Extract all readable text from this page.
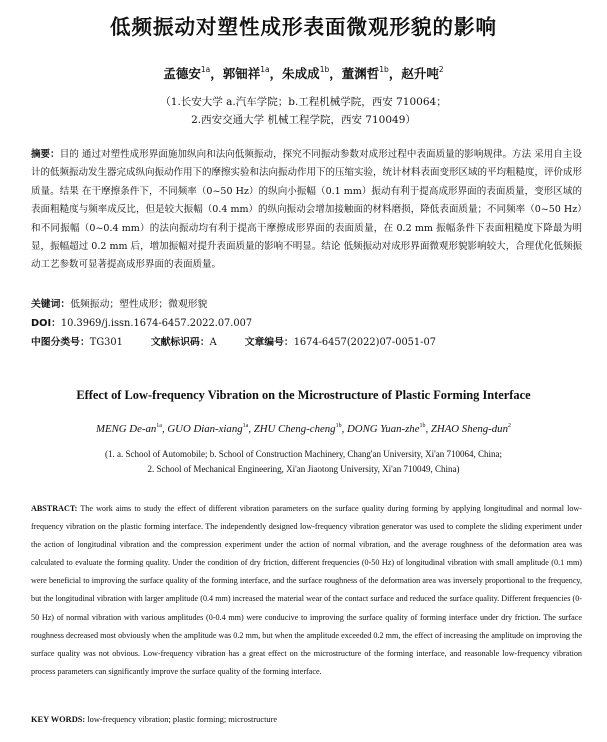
低频振动对塑性成形表面微观形貌的影响
孟德安$^{1a}$，郭钿祥$^{1a}$，朱成成$^{1b}$，董渊哲$^{1b}$，赵升吨$^2$
（1.长安大学 a.汽车学院；b.工程机械学院，西安 710064；
2.西安交通大学 机械工程学院，西安 710049）
摘要：目的 通过对塑性成形界面施加纵向和法向低频振动，探究不同振动参数对成形过程中表面质量的影响规律。方法 采用自主设计的低频振动发生器完成纵向振动作用下的摩擦实验和法向振动作用下的压缩实验，统计材料表面变形区域的平均粗糙度，评价成形质量。结果 在干摩擦条件下，不同频率（0~50 Hz）的纵向小振幅（0.1 mm）振动有利于提高成形界面的表面质量，变形区域的表面粗糙度与频率成反比，但是较大振幅（0.4 mm）的纵向振动会增加接触面的材料磨损，降低表面质量；不同频率（0~50 Hz）和不同振幅（0~0.4 mm）的法向振动均有利于提高干摩擦成形界面的表面质量，在 0.2 mm 振幅条件下表面粗糙度下降最为明显，振幅超过 0.2 mm 后，增加振幅对提升表面质量的影响不明显。结论 低频振动对成形界面微观形貌影响较大，合理优化低频振动工艺参数可显著提高成形界面的表面质量。
关键词：低频振动；塑性成形；微观形貌
DOI：10.3969/j.issn.1674-6457.2022.07.007
中图分类号：TG301	文献标识码：A	文章编号：1674-6457(2022)07-0051-07
Effect of Low-frequency Vibration on the Microstructure of Plastic Forming Interface
MENG $De-an^{1a}$, GUO Dian-xiang$^{1a}$, ZHU Cheng-cheng$^{1b}$, DONG Yuan-zhe$^{1b}$, ZHAO Sheng-dun$^2$
(1. a. School of Automobile; b. School of Construction Machinery, Chang'an University, Xi'an 710064, China;
2. School of Mechanical Engineering, Xi'an Jiaotong University, Xi'an 710049, China)
ABSTRACT: The work aims to study the effect of different vibration parameters on the surface quality during forming by applying longitudinal and normal low-frequency vibration on the plastic forming interface. The independently designed low-frequency vibration generator was used to complete the sliding experiment under the action of longitudinal vibration and the compression experiment under the action of normal vibration, and the average roughness of the deformation area was calculated to evaluate the forming quality. Under the condition of dry friction, different frequencies (0-50 Hz) of longitudinal vibration with small amplitude (0.1 mm) were beneficial to improving the surface quality of the forming interface, and the surface roughness of the deformation area was inversely proportional to the frequency, but the longitudinal vibration with larger amplitude (0.4 mm) increased the material wear of the contact surface and reduced the surface quality. Different frequencies (0-50 Hz) of normal vibration with various amplitudes (0-0.4 mm) were conducive to improving the surface quality of forming interface under dry friction. The surface roughness decreased most obviously when the amplitude was 0.2 mm, but when the amplitude exceeded 0.2 mm, the effect of increasing the amplitude on improving the surface quality was not obvious. Low-frequency vibration has a great effect on the microstructure of the forming interface, and reasonable low-frequency vibration process parameters can significantly improve the surface quality of the forming interface.
KEY WORDS: low-frequency vibration; plastic forming; microstructure
